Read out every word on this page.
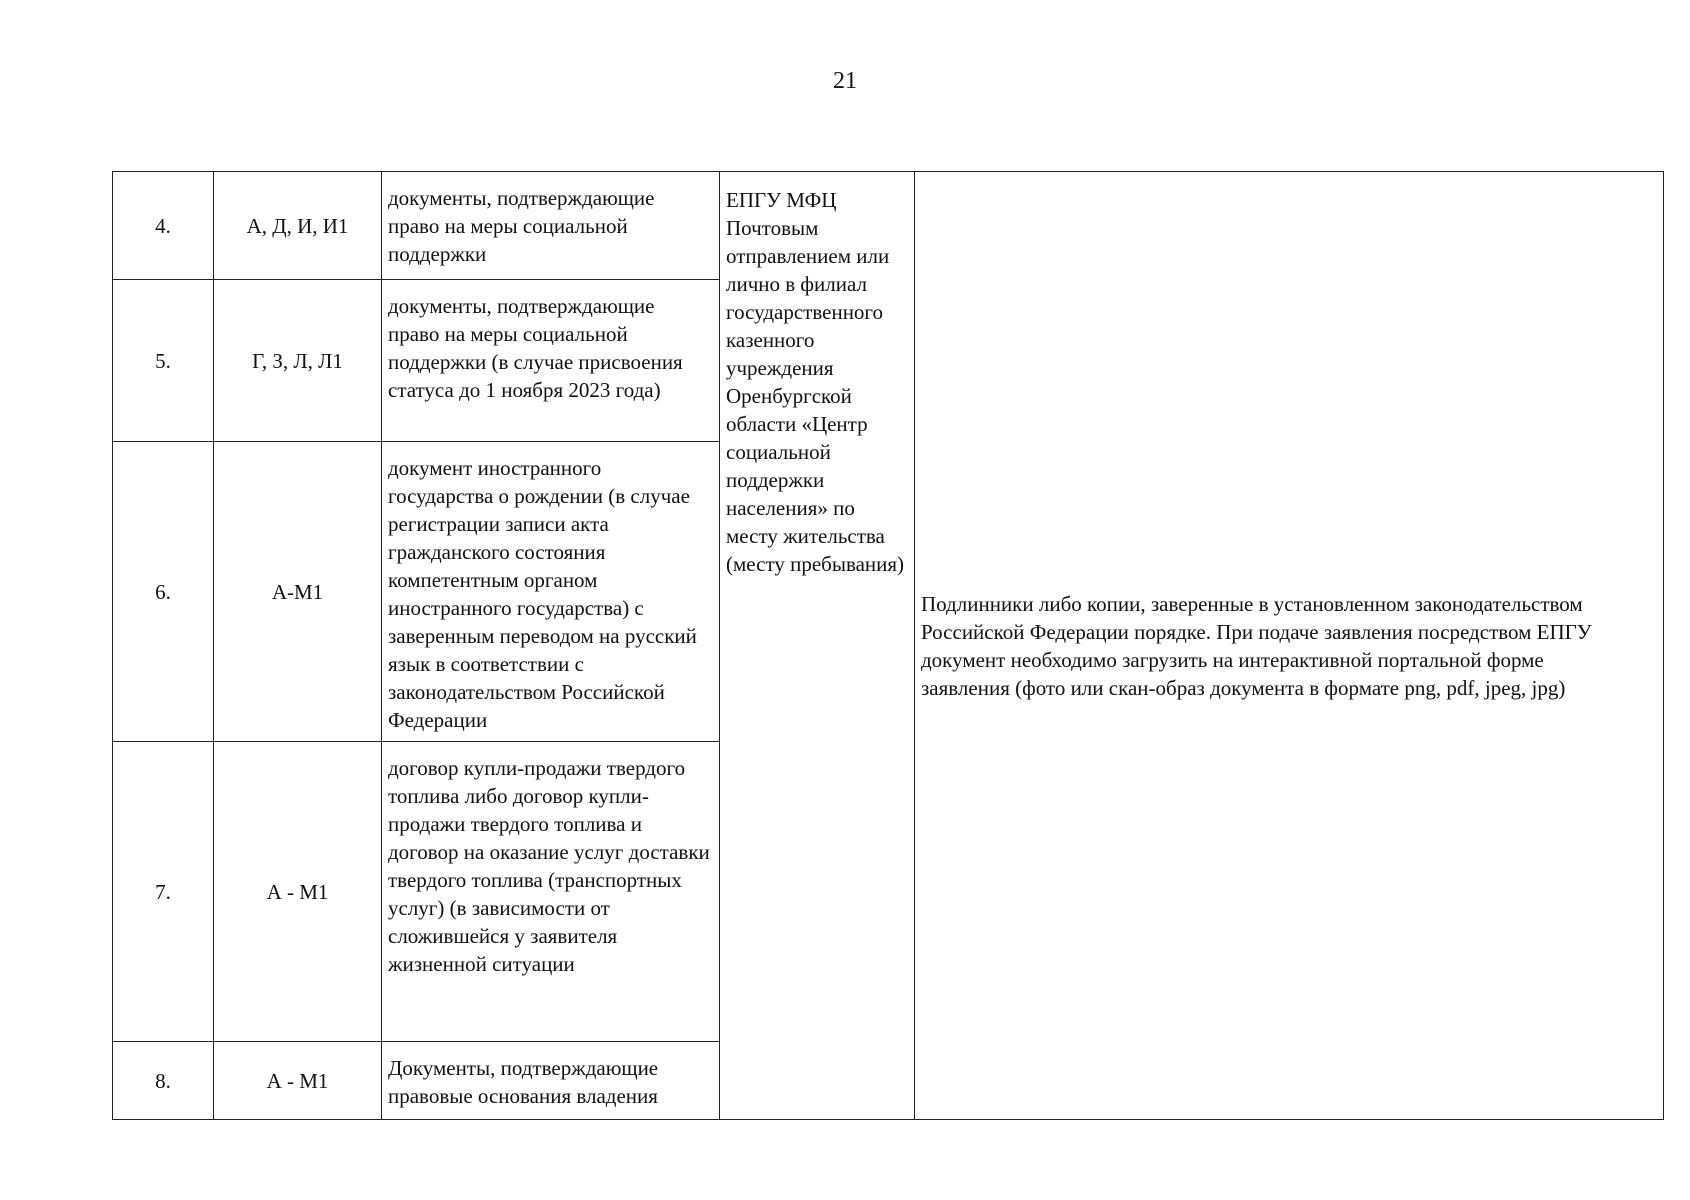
21
4.	А, Д, И, И1	документы, подтверждающие право на меры социальной поддержки	ЕПГУ МФЦ Почтовым отправлением или лично в филиал государственного казенного учреждения Оренбургской области «Центр социальной поддержки населения» по месту жительства (месту пребывания)	Подлинники либо копии, заверенные в установленном законодательством Российской Федерации порядке. При подаче заявления посредством ЕПГУ документ необходимо загрузить на интерактивной портальной форме заявления (фото или скан-образ документа в формате png, pdf, jpeg, jpg)
5.	Г, З, Л, Л1	документы, подтверждающие право на меры социальной поддержки (в случае присвоения статуса до 1 ноября 2023 года)		
6.	А-М1	документ иностранного государства о рождении (в случае регистрации записи акта гражданского состояния компетентным органом иностранного государства) с заверенным переводом на русский язык в соответствии с законодательством Российской Федерации		
7.	А - М1	договор купли-продажи твердого топлива либо договор купли-продажи твердого топлива и договор на оказание услуг доставки твердого топлива (транспортных услуг) (в зависимости от сложившейся у заявителя жизненной ситуации		
8.	А - М1	Документы, подтверждающие правовые основания владения		
